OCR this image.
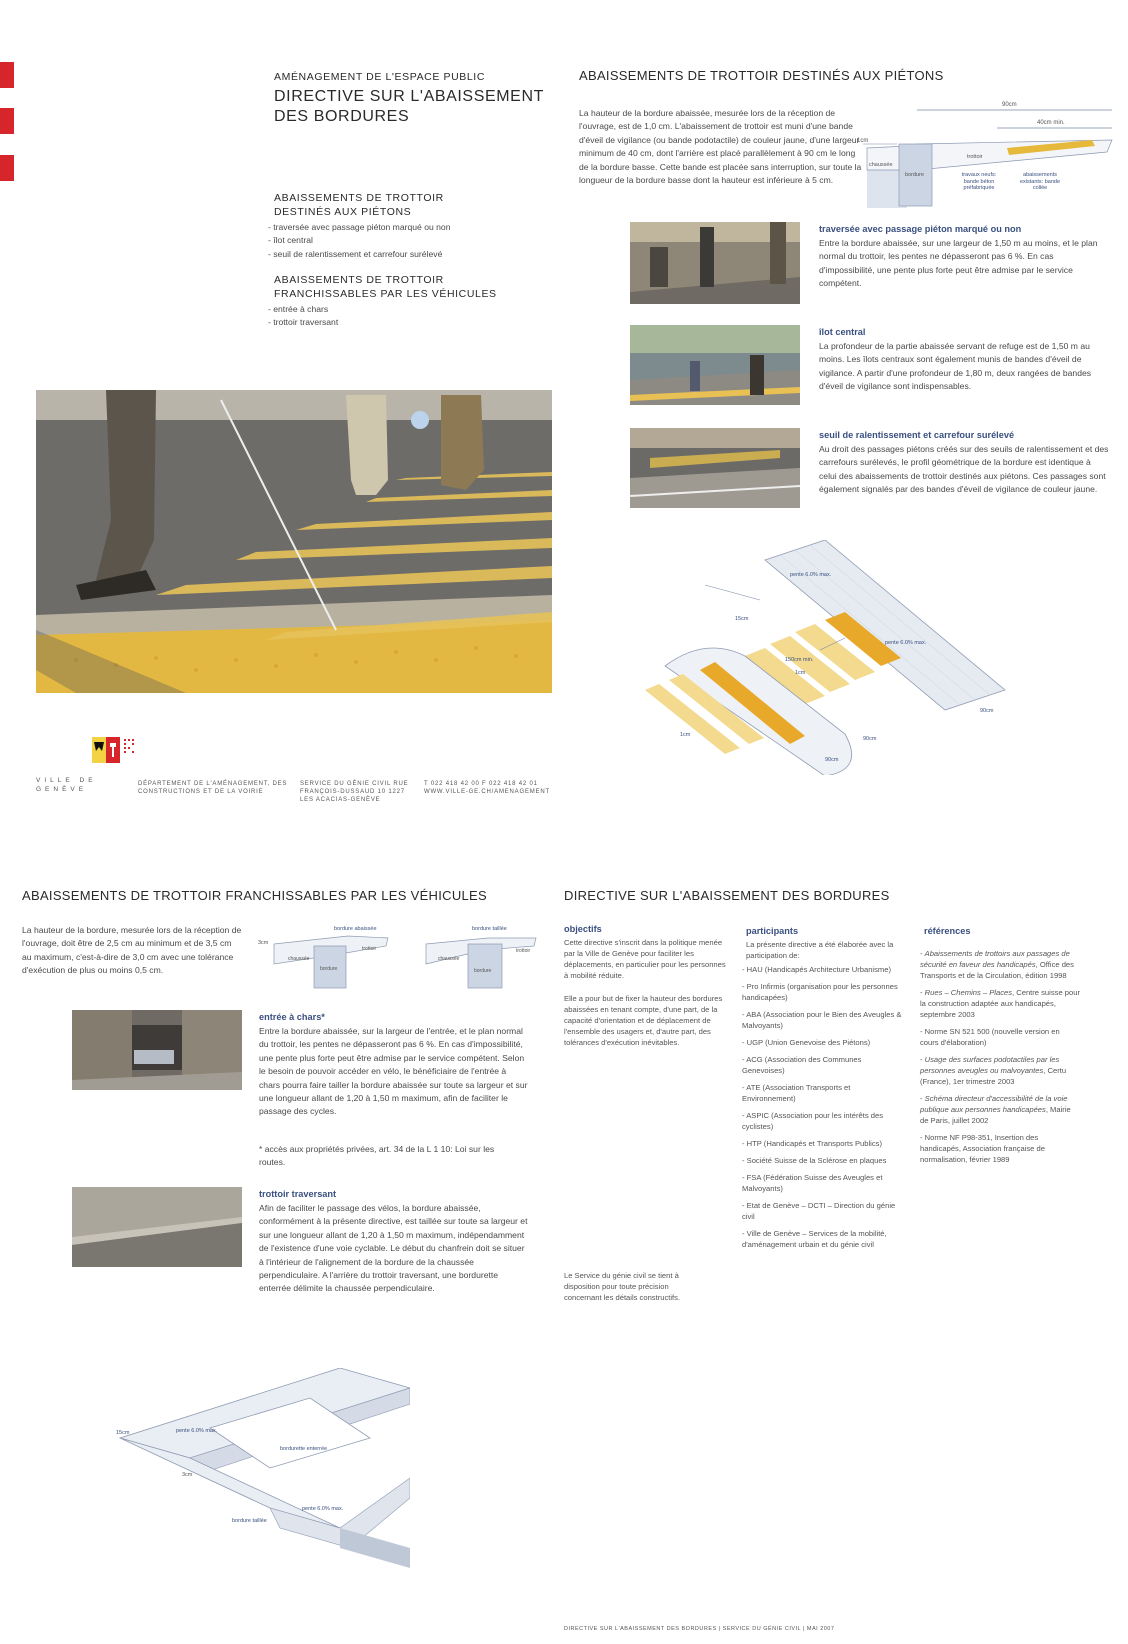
AMÉNAGEMENT DE L'ESPACE PUBLIC
DIRECTIVE SUR L'ABAISSEMENT
DES BORDURES
ABAISSEMENTS DE TROTTOIR
DESTINÉS AUX PIÉTONS
- traversée avec passage piéton marqué ou non
- îlot central
- seuil de ralentissement et carrefour surélevé
ABAISSEMENTS DE TROTTOIR
FRANCHISSABLES PAR LES VÉHICULES
- entrée à chars
- trottoir traversant
VILLE DE GENÈVE
DÉPARTEMENT DE L'AMÉNAGEMENT, DES CONSTRUCTIONS ET DE LA VOIRIE
SERVICE DU GÉNIE CIVIL RUE FRANÇOIS-DUSSAUD 10 1227 LES ACACIAS-GENÈVE
T 022 418 42 00 F 022 418 42 01 WWW.VILLE-GE.CH/AMENAGEMENT
ABAISSEMENTS DE TROTTOIR DESTINÉS AUX PIÉTONS
La hauteur de la bordure abaissée, mesurée lors de la réception de l'ouvrage, est de 1,0 cm. L'abaissement de trottoir est muni d'une bande d'éveil de vigilance (ou bande podotactile) de couleur jaune, d'une largeur minimum de 40 cm, dont l'arrière est placé parallèlement à 90 cm le long de la bordure basse. Cette bande est placée sans interruption, sur toute la longueur de la bordure basse dont la hauteur est inférieure à 5 cm.
90cm
40cm min.
1cm
chaussée
bordure
trottoir
travaux neufs: bande béton préfabriquée
abaissements existants: bande collée
traversée avec passage piéton marqué ou non
Entre la bordure abaissée, sur une largeur de 1,50 m au moins, et le plan normal du trottoir, les pentes ne dépasseront pas 6 %. En cas d'impossibilité, une pente plus forte peut être admise par le service compétent.
îlot central
La profondeur de la partie abaissée servant de refuge est de 1,50 m au moins. Les îlots centraux sont également munis de bandes d'éveil de vigilance. A partir d'une profondeur de 1,80 m, deux rangées de bandes d'éveil de vigilance sont indispensables.
seuil de ralentissement et carrefour surélevé
Au droit des passages piétons créés sur des seuils de ralentissement et des carrefours surélevés, le profil géométrique de la bordure est identique à celui des abaissements de trottoir destinés aux piétons. Ces passages sont également signalés par des bandes d'éveil de vigilance de couleur jaune.
pente 6.0% max.
15cm
pente 6.0% max.
150cm min.
1cm
1cm
90cm
90cm
90cm
ABAISSEMENTS DE TROTTOIR FRANCHISSABLES PAR LES VÉHICULES
La hauteur de la bordure, mesurée lors de la réception de l'ouvrage, doit être de 2,5 cm au minimum et de 3,5 cm au maximum, c'est-à-dire de 3,0 cm avec une tolérance d'exécution de plus ou moins 0,5 cm.
bordure abaissée	bordure taillée
3cm
chaussée
bordure
trottoir
chaussée
bordure
trottoir
entrée à chars*
Entre la bordure abaissée, sur la largeur de l'entrée, et le plan normal du trottoir, les pentes ne dépasseront pas 6 %. En cas d'impossibilité, une pente plus forte peut être admise par le service compétent. Selon le besoin de pouvoir accéder en vélo, le bénéficiaire de l'entrée à chars pourra faire tailler la bordure abaissée sur toute sa largeur et sur une longueur allant de 1,20 à 1,50 m maximum, afin de faciliter le passage des cycles.
* accès aux propriétés privées, art. 34 de la L 1 10: Loi sur les routes.
trottoir traversant
Afin de faciliter le passage des vélos, la bordure abaissée, conformément à la présente directive, est taillée sur toute sa largeur et sur une longueur allant de 1,20 à 1,50 m maximum, indépendamment de l'existence d'une voie cyclable. Le début du chanfrein doit se situer à l'intérieur de l'alignement de la bordure de la chaussée perpendiculaire. A l'arrière du trottoir traversant, une bordurette enterrée délimite la chaussée perpendiculaire.
15cm	pente 6.0% max.
bordurette enterrée
3cm
bordure taillée
pente 6.0% max.
DIRECTIVE SUR L'ABAISSEMENT DES BORDURES
objectifs
Cette directive s'inscrit dans la politique menée par la Ville de Genève pour faciliter les déplacements, en particulier pour les personnes à mobilité réduite.
Elle a pour but de fixer la hauteur des bordures abaissées en tenant compte, d'une part, de la capacité d'orientation et de déplacement de l'ensemble des usagers et, d'autre part, des tolérances d'exécution inévitables.
Le Service du génie civil se tient à disposition pour toute précision concernant les détails constructifs.
participants
La présente directive a été élaborée avec la participation de:
- HAU (Handicapés Architecture Urbanisme)
- Pro Infirmis (organisation pour les personnes handicapées)
- ABA (Association pour le Bien des Aveugles & Malvoyants)
- UGP (Union Genevoise des Piétons)
- ACG (Association des Communes Genevoises)
- ATE (Association Transports et Environnement)
- ASPIC (Association pour les intérêts des cyclistes)
- HTP (Handicapés et Transports Publics)
- Société Suisse de la Sclérose en plaques
- FSA (Fédération Suisse des Aveugles et Malvoyants)
- Etat de Genève – DCTI – Direction du génie civil
- Ville de Genève – Services de la mobilité, d'aménagement urbain et du génie civil
références
- Abaissements de trottoirs aux passages de sécurité en faveur des handicapés, Office des Transports et de la Circulation, édition 1998
- Rues – Chemins – Places, Centre suisse pour la construction adaptée aux handicapés, septembre 2003
- Norme SN 521 500 (nouvelle version en cours d'élaboration)
- Usage des surfaces podotactiles par les personnes aveugles ou malvoyantes, Certu (France), 1er trimestre 2003
- Schéma directeur d'accessibilité de la voie publique aux personnes handicapées, Mairie de Paris, juillet 2002
- Norme NF P98-351, Insertion des handicapés, Association française de normalisation, février 1989
DIRECTIVE SUR L'ABAISSEMENT DES BORDURES | SERVICE DU GÉNIE CIVIL | MAI 2007
